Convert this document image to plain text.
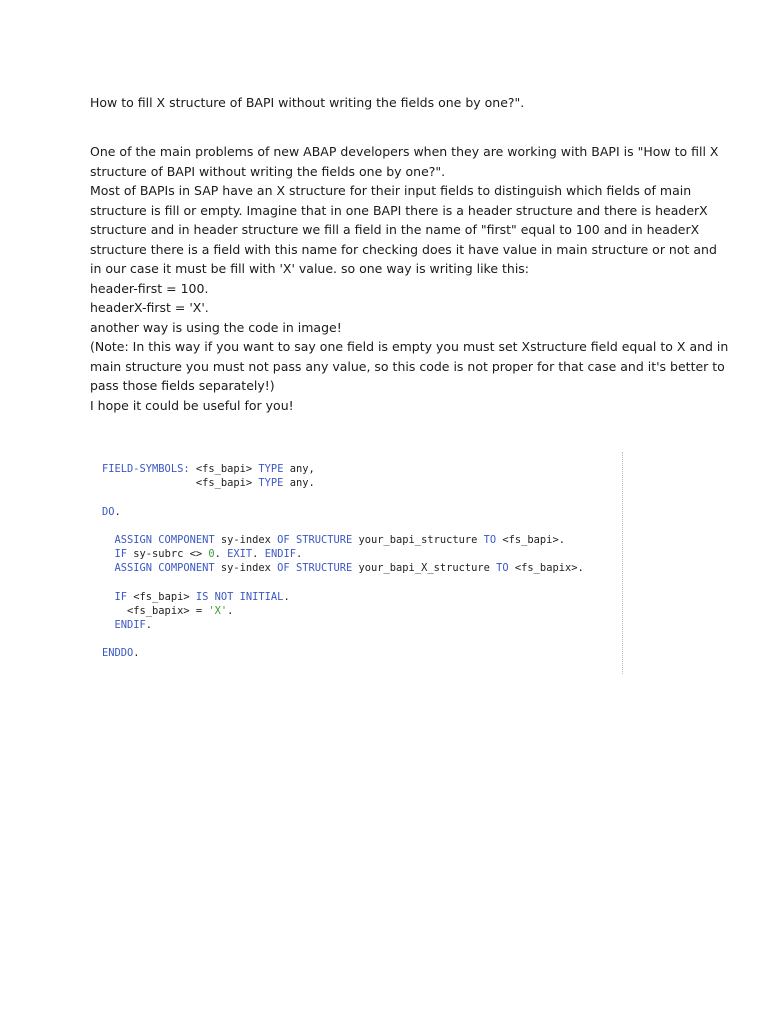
How to fill X structure of BAPI without writing the fields one by one?".

One of the main problems of new ABAP developers when they are working with BAPI is "How to fill X
structure of BAPI without writing the fields one by one?".
Most of BAPIs in SAP have an X structure for their input fields to distinguish which fields of main
structure is fill or empty. Imagine that in one BAPI there is a header structure and there is headerX
structure and in header structure we fill a field in the name of "first" equal to 100 and in headerX
structure there is a field with this name for checking does it have value in main structure or not and
in our case it must be fill with 'X' value. so one way is writing like this:
header-first = 100.
headerX-first = 'X'.
another way is using the code in image!
(Note: In this way if you want to say one field is empty you must set Xstructure field equal to X and in
main structure you must not pass any value, so this code is not proper for that case and it's better to
pass those fields separately!)
I hope it could be useful for you!
FIELD-SYMBOLS: <fs_bapi> TYPE any,
<fs_bapi> TYPE any.

DO.

ASSIGN COMPONENT sy-index OF STRUCTURE your_bapi_structure TO <fs_bapi>.
IF sy-subrc <> 0. EXIT. ENDIF.
ASSIGN COMPONENT sy-index OF STRUCTURE your_bapi_X_structure TO <fs_bapix>.

IF <fs_bapi> IS NOT INITIAL.
<fs_bapix> = 'X'.
ENDIF.

ENDDO.
